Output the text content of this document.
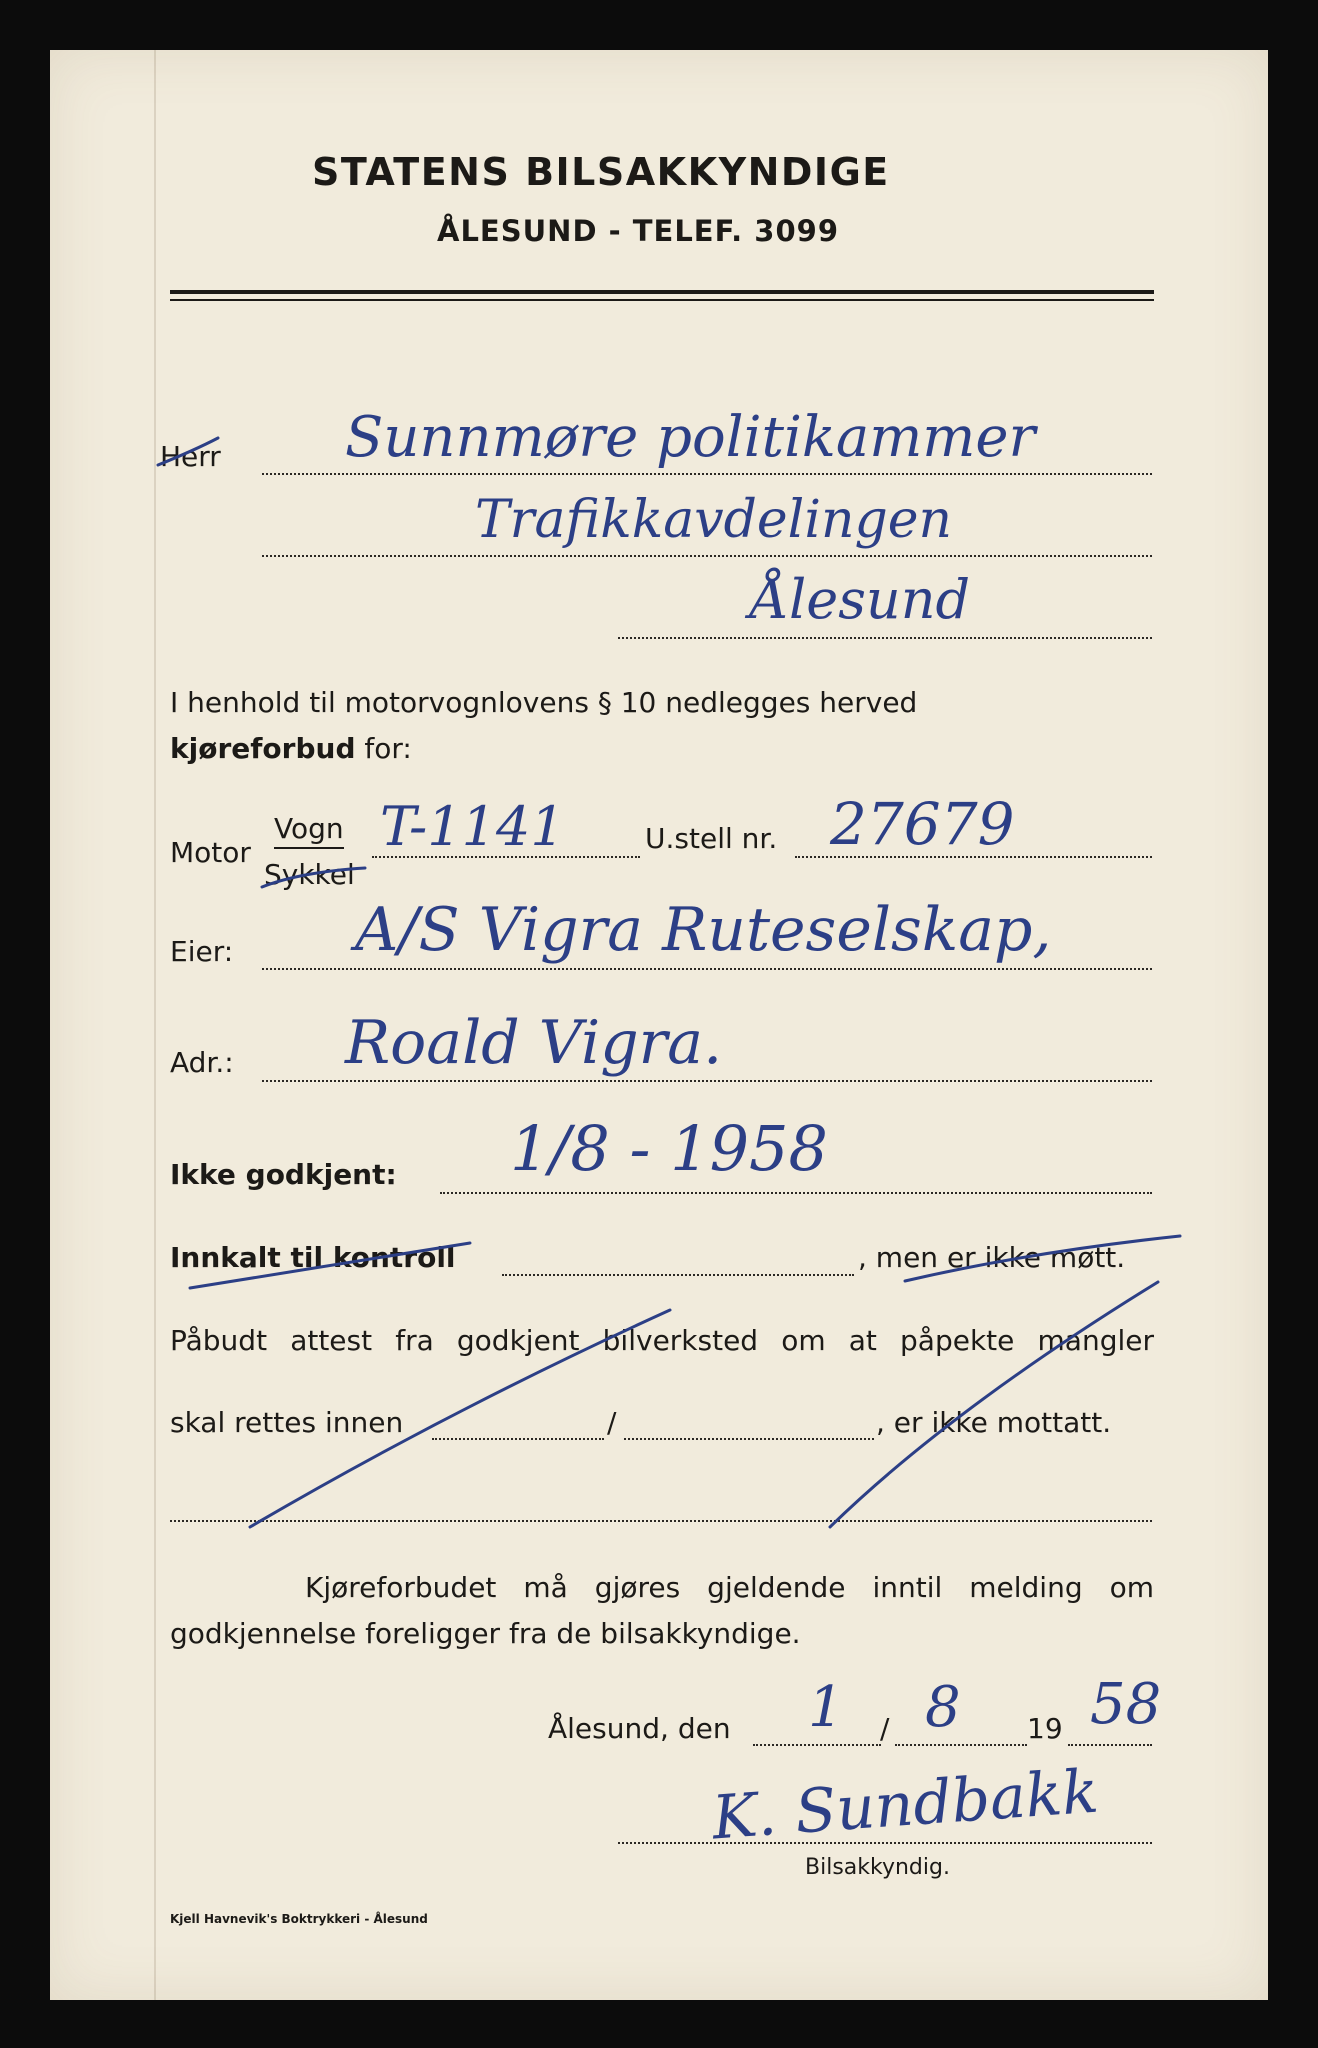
STATENS BILSAKKYNDIGE
ÅLESUND - TELEF. 3099
Herr Sunnmøre politikammer
Trafikkavdelingen
Ålesund
I henhold til motorvognlovens § 10 nedlegges herved
kjøreforbud for:
Motor
Vogn
Sykkel
T-1141	U.stell nr. 27679
Eier: A/S Vigra Ruteselskap,
Adr.: Roald Vigra.
Ikke godkjent: 1/8 - 1958
Innkalt til kontroll	, men er ikke møtt.
Påbudt attest fra godkjent bilverksted om at påpekte mangler
skal rettes innen	/	, er ikke mottatt.
Kjøreforbudet må gjøres gjeldende inntil melding om godkjennelse foreligger fra de bilsakkyndige.
Ålesund, den 1 / 8 19 58
K. Sundbakk
Bilsakkyndig.
Kjell Havnevik's Boktrykkeri - Ålesund
